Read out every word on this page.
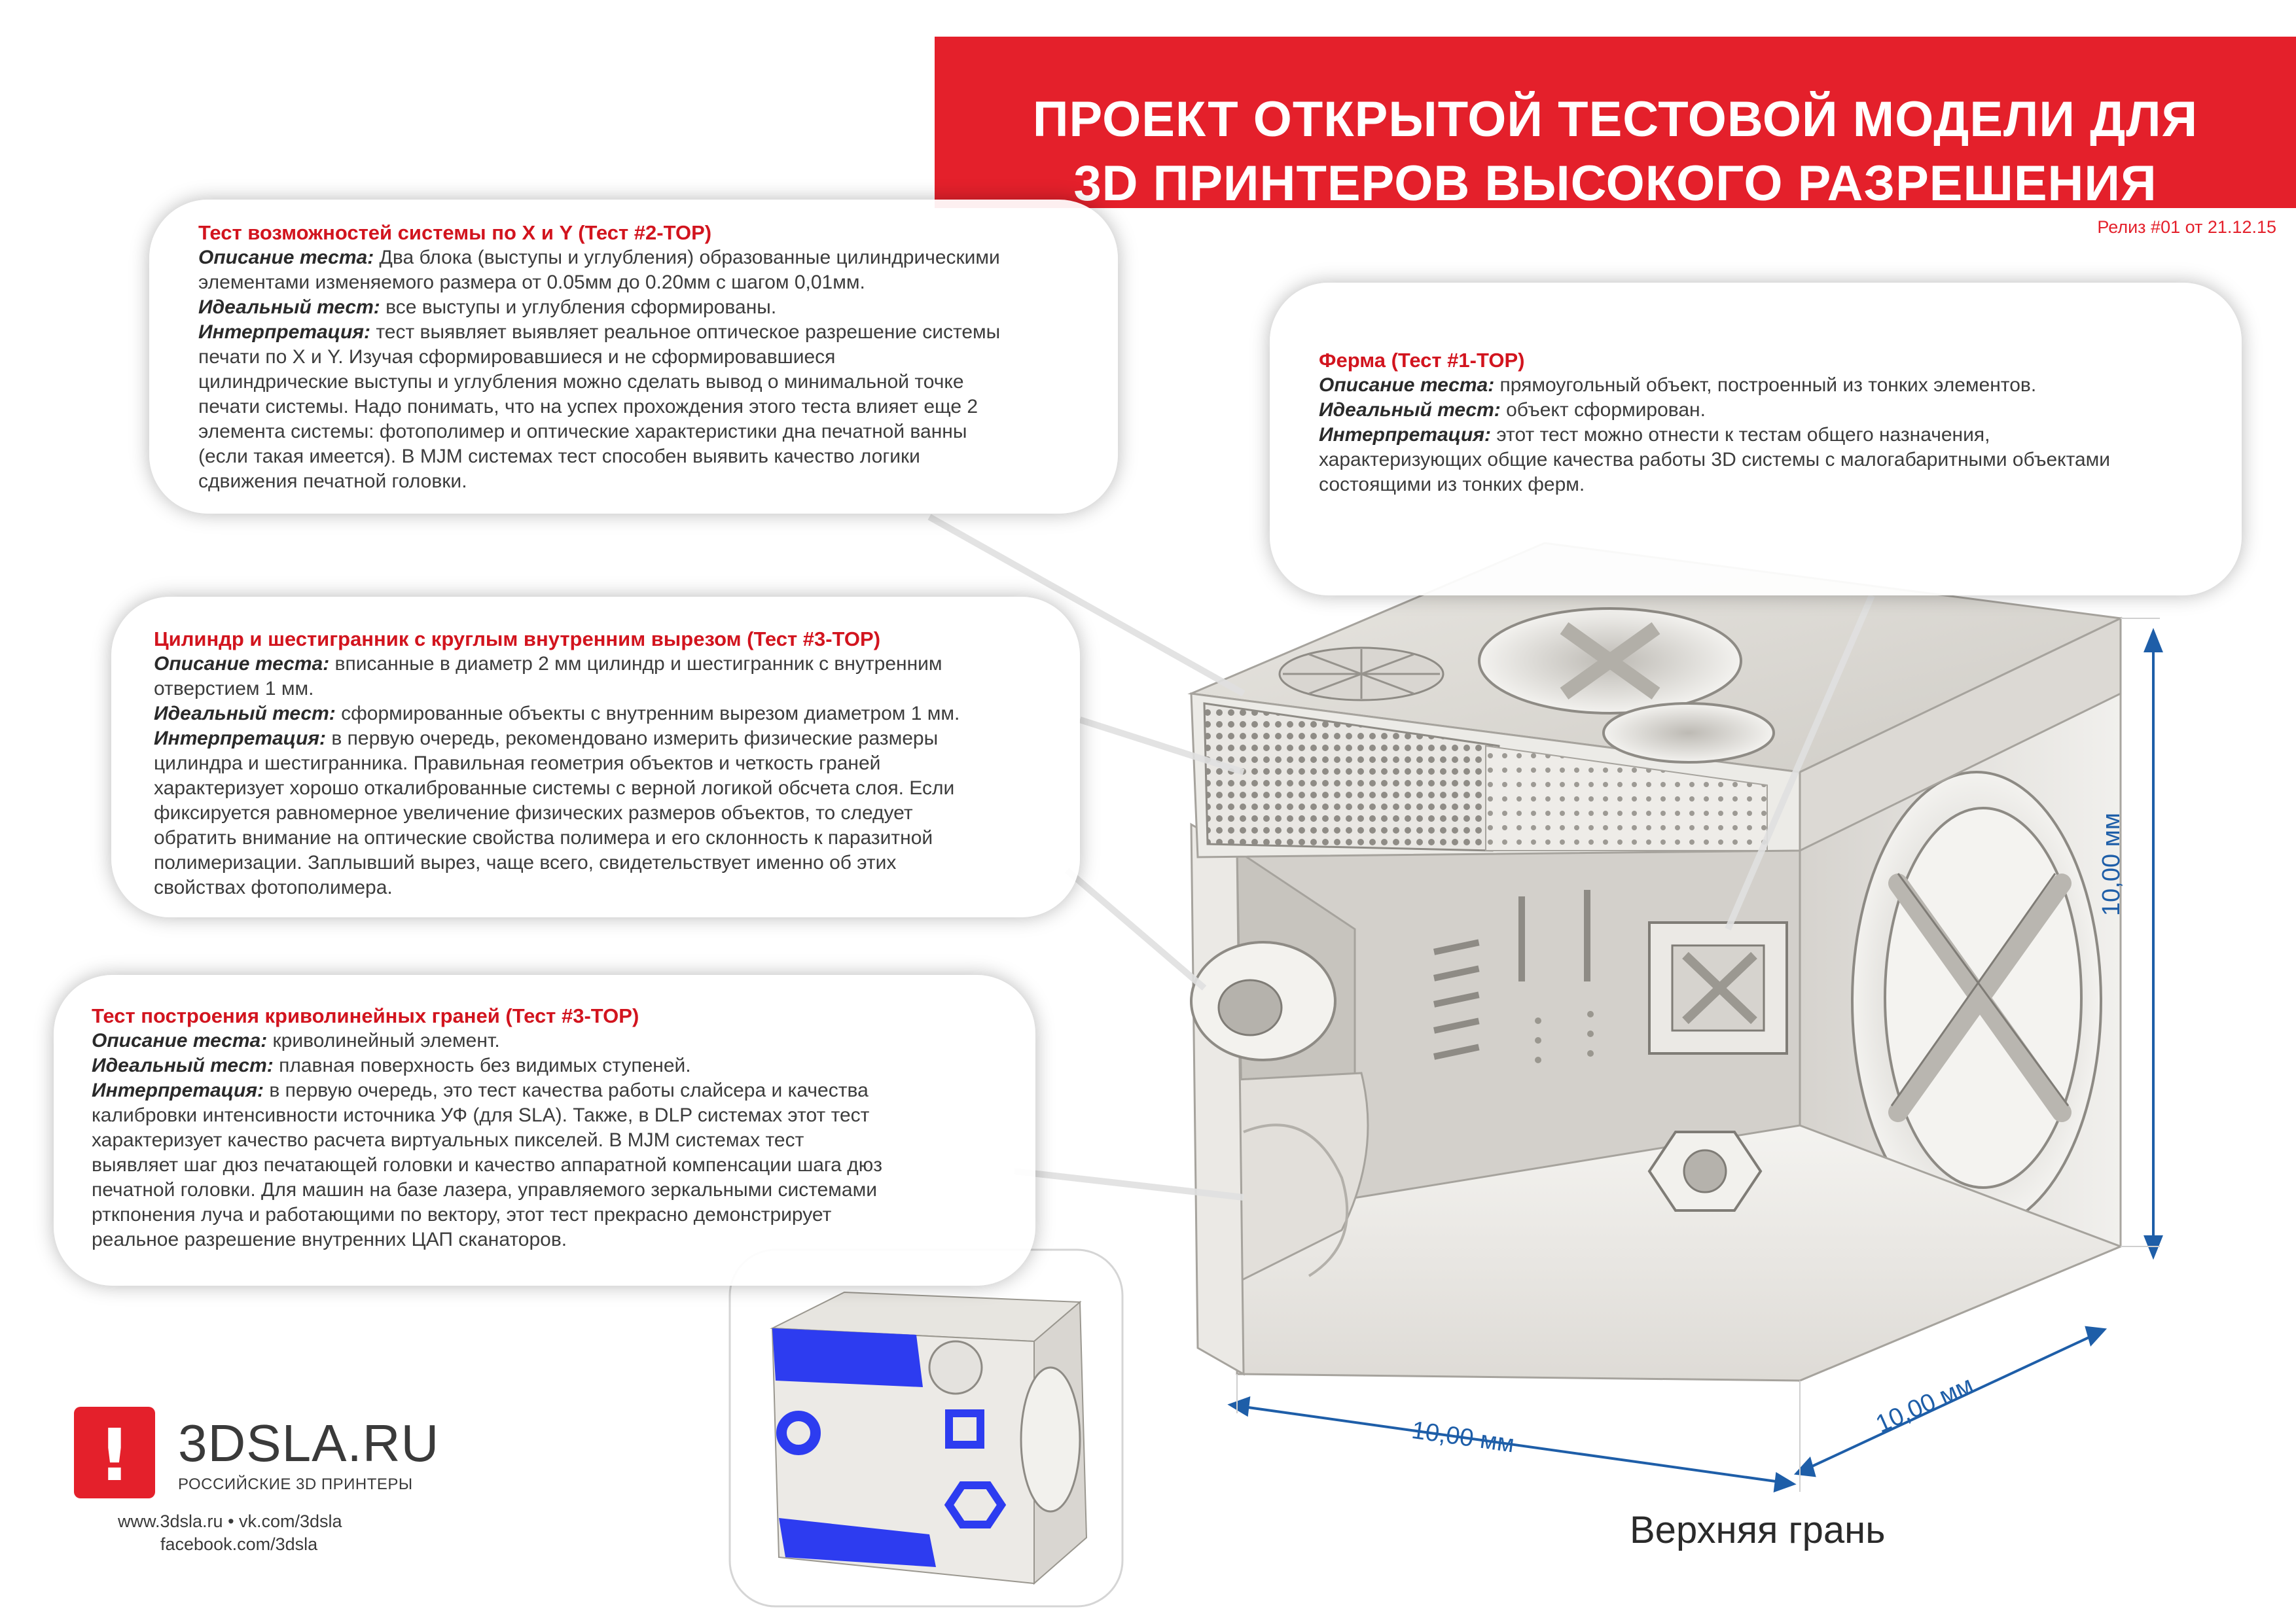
ПРОЕКТ ОТКРЫТОЙ ТЕСТОВОЙ МОДЕЛИ ДЛЯ
3D ПРИНТЕРОВ ВЫСОКОГО РАЗРЕШЕНИЯ
Релиз #01 от 21.12.15
Тест возможностей системы по X и Y (Тест #2-TOP)
Описание теста: Два блока (выступы и углубления) образованные цилиндрическими
элементами изменяемого размера от 0.05мм до 0.20мм с шагом 0,01мм.
Идеальный тест: все выступы и углубления сформированы.
Интерпретация: тест выявляет выявляет реальное оптическое разрешение системы
печати по X и Y. Изучая сформировавшиеся и не сформировавшиеся
цилиндрические выступы и углубления можно сделать вывод о минимальной точке
печати системы. Надо понимать, что на успех прохождения этого теста влияет еще 2
элемента системы: фотополимер и оптические характеристики дна печатной ванны
(если такая имеется). В MJM системах тест способен выявить качество логики
сдвижения печатной головки.
Ферма (Тест #1-TOP)
Описание теста: прямоугольный объект, построенный из тонких элементов.
Идеальный тест: объект сформирован.
Интерпретация: этот тест можно отнести к тестам общего назначения,
характеризующих общие качества работы 3D системы с малогабаритными объектами
состоящими из тонких ферм.
Цилиндр и шестигранник с круглым внутренним вырезом (Тест #3-TOP)
Описание теста: вписанные в диаметр 2 мм цилиндр и шестигранник с внутренним
отверстием 1 мм.
Идеальный тест: сформированные объекты с внутренним вырезом диаметром 1 мм.
Интерпретация: в первую очередь, рекомендовано измерить физические размеры
цилиндра и шестигранника. Правильная геометрия объектов и четкость граней
характеризует хорошо откалиброванные системы с верной логикой обсчета слоя. Если
фиксируется равномерное увеличение физических размеров объектов, то следует
обратить внимание на оптические свойства полимера и его склонность к паразитной
полимеризации. Заплывший вырез, чаще всего, свидетельствует именно об этих
свойствах фотополимера.
Тест построения криволинейных граней (Тест #3-TOP)
Описание теста: криволинейный элемент.
Идеальный тест: плавная поверхность без видимых ступеней.
Интерпретация: в первую очередь, это тест качества работы слайсера и качества
калибровки интенсивности источника УФ (для SLA). Также, в DLP системах этот тест
характеризует качество расчета виртуальных пикселей. В MJM системах тест
выявляет шаг дюз печатающей головки и качество аппаратной компенсации шага дюз
печатной головки. Для машин на базе лазера, управляемого зеркальными системами
рткпонения луча и работающими по вектору, этот тест прекрасно демонстрирует
реальное разрешение внутренних ЦАП сканаторов.
10,00 мм
10,00 мм	10,00 мм
Верхняя грань
! 3DSLA.RU
РОССИЙСКИЕ 3D ПРИНТЕРЫ
www.3dsla.ru • vk.com/3dsla
facebook.com/3dsla
